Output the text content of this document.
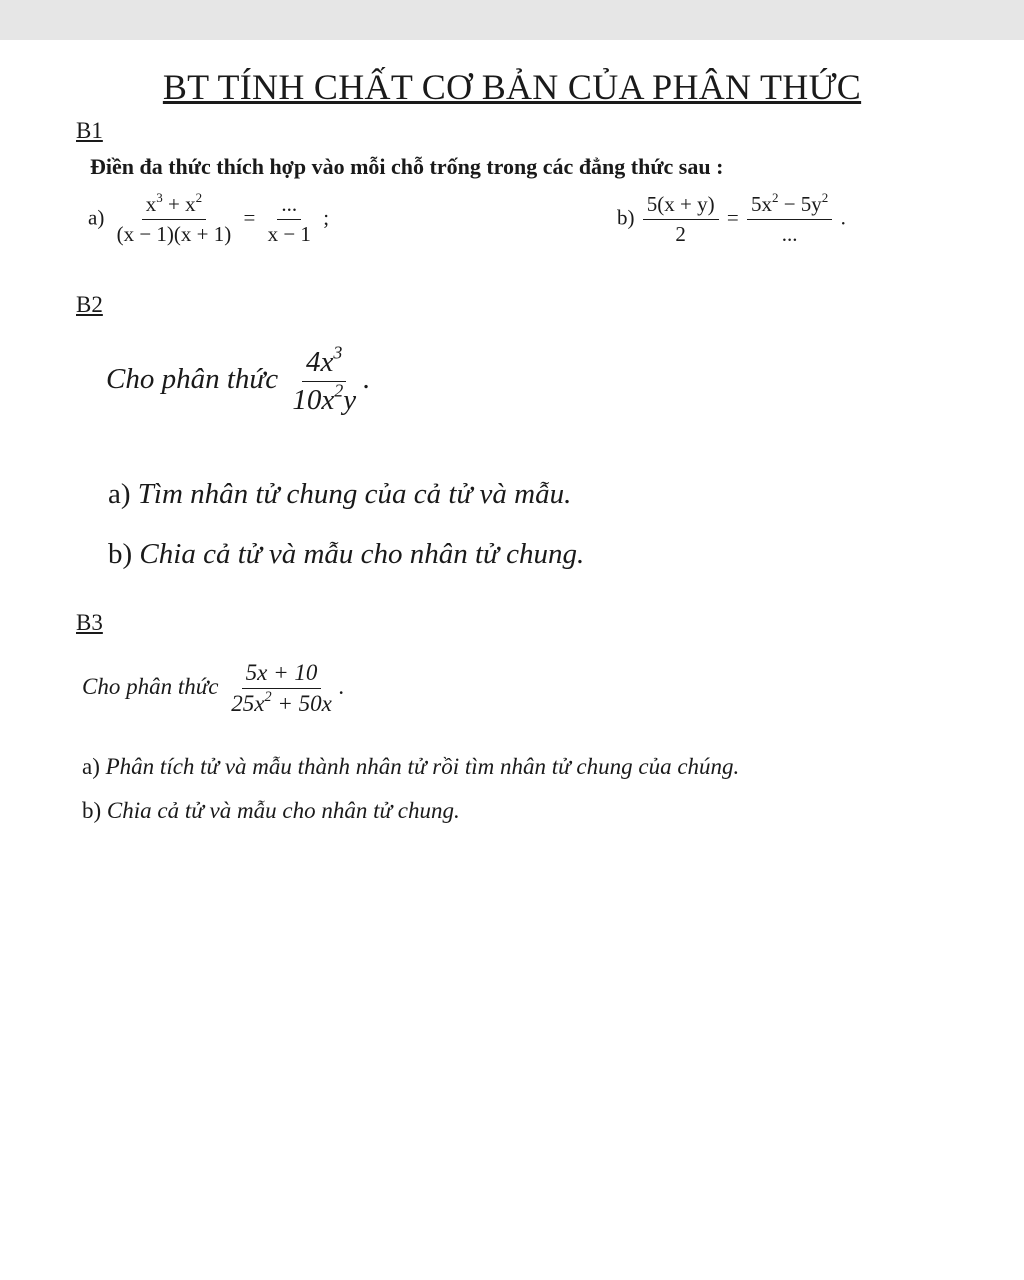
BT TÍNH CHẤT CƠ BẢN CỦA PHÂN THỨC
B1
Điền đa thức thích hợp vào mỗi chỗ trống trong các đẳng thức sau :
$a) \frac{x^3 + x^2}{(x - 1)(x + 1)} = \frac{...}{x - 1}$ ;	$b) \frac{5(x + y)}{2} = \frac{5x^2 - 5y^2}{...}$ .
B2
Cho phân thức $\frac{4x^3}{10x^2y}$ .
a) Tìm nhân tử chung của cả tử và mẫu.
b) Chia cả tử và mẫu cho nhân tử chung.
B3
Cho phân thức $\frac{5x + 10}{25x^2 + 50x}$ .
a) Phân tích tử và mẫu thành nhân tử rồi tìm nhân tử chung của chúng.
b) Chia cả tử và mẫu cho nhân tử chung.
